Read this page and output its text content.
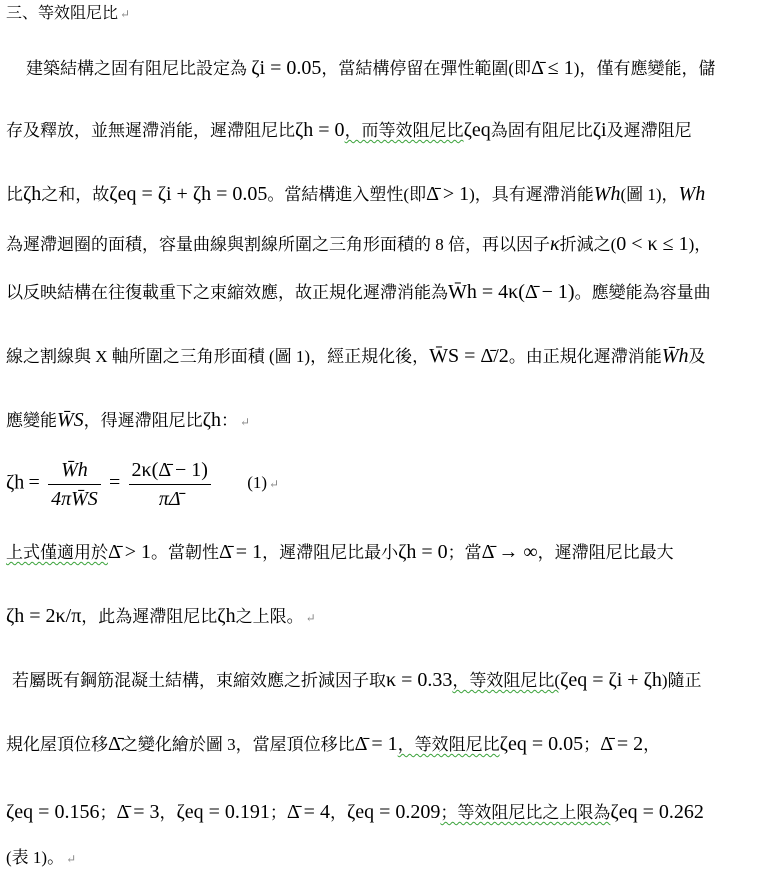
三、等效阻尼比 ↵
建築結構之固有阻尼比設定為 ζi = 0.05，當結構停留在彈性範圍(即Δ̄ ≤ 1)，僅有應變能，儲
存及釋放，並無遲滯消能，遲滯阻尼比ζh = 0，而等效阻尼比ζeq為固有阻尼比ζi及遲滯阻尼
比ζh之和，故ζeq = ζi + ζh = 0.05。當結構進入塑性(即Δ̄ > 1)，具有遲滯消能Wh(圖 1)，Wh
為遲滯迴圈的面積，容量曲線與割線所圍之三角形面積的 8 倍，再以因子κ折減之(0 < κ ≤ 1)，
以反映結構在往復載重下之束縮效應，故正規化遲滯消能為W̄h = 4κ(Δ̄ − 1)。應變能為容量曲
線之割線與 X 軸所圍之三角形面積 (圖 1)，經正規化後，W̄S = Δ̄/2。由正規化遲滯消能W̄h及
應變能W̄S，得遲滯阻尼比ζh： ↵
$\zeta h = \frac{W̄h}{4\pi W̄S} = \frac{2\kappa(\Deltā - 1)}{\pi\Deltā} (1)$ ↵
上式僅適用於Δ̄ > 1。當韌性Δ̄ = 1，遲滯阻尼比最小ζh = 0；當Δ̄ → ∞，遲滯阻尼比最大
ζh = 2κ/π，此為遲滯阻尼比ζh之上限。 ↵
若屬既有鋼筋混凝土結構，束縮效應之折減因子取κ = 0.33，等效阻尼比(ζeq = ζi + ζh)隨正
規化屋頂位移Δ̄之變化繪於圖 3，當屋頂位移比Δ̄ = 1，等效阻尼比ζeq = 0.05；Δ̄ = 2，
ζeq = 0.156；Δ̄ = 3，ζeq = 0.191；Δ̄ = 4，ζeq = 0.209；等效阻尼比之上限為ζeq = 0.262
(表 1)。 ↵
